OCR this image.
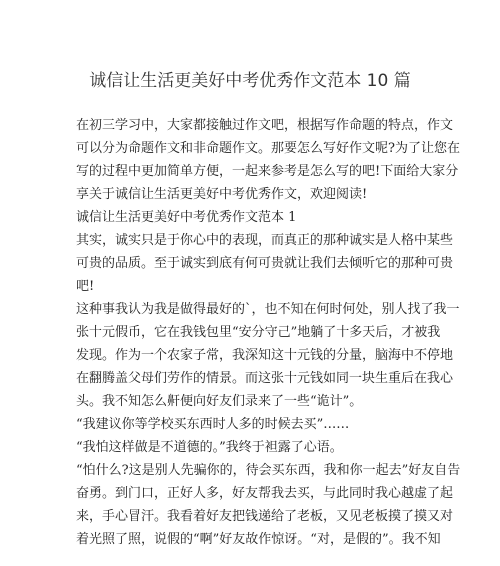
诚信让生活更美好中考优秀作文范本 10 篇
在初三学习中，大家都接触过作文吧，根据写作命题的特点，作文
可以分为命题作文和非命题作文。那要怎么写好作文呢?为了让您在
写的过程中更加简单方便，一起来参考是怎么写的吧!下面给大家分
享关于诚信让生活更美好中考优秀作文，欢迎阅读!
诚信让生活更美好中考优秀作文范本 1
其实，诚实只是于你心中的表现，而真正的那种诚实是人格中某些
可贵的品质。至于诚实到底有何可贵就让我们去倾听它的那种可贵
吧!
这种事我认为我是做得最好的`，也不知在何时何处，别人找了我一
张十元假币，它在我钱包里“安分守己”地躺了十多天后，才被我
发现。作为一个农家子常，我深知这十元钱的分量，脑海中不停地
在翻腾盖父母们劳作的情景。而这张十元钱如同一块生重后在我心
头。我不知怎么鼾便向好友们录来了一些“诡计”。
“我建议你等学校买东西时人多的时候去买”……
“我怕这样做是不道德的。”我终于袒露了心语。
“怕什么?这是别人先骗你的，待会买东西，我和你一起去”好友自告
奋勇。到门口，正好人多，好友帮我去买，与此同时我心越虚了起
来，手心冒汗。我看着好友把钱递给了老板，又见老板摸了摸又对
着光照了照，说假的“啊”好友故作惊讶。“对，是假的”。我不知
